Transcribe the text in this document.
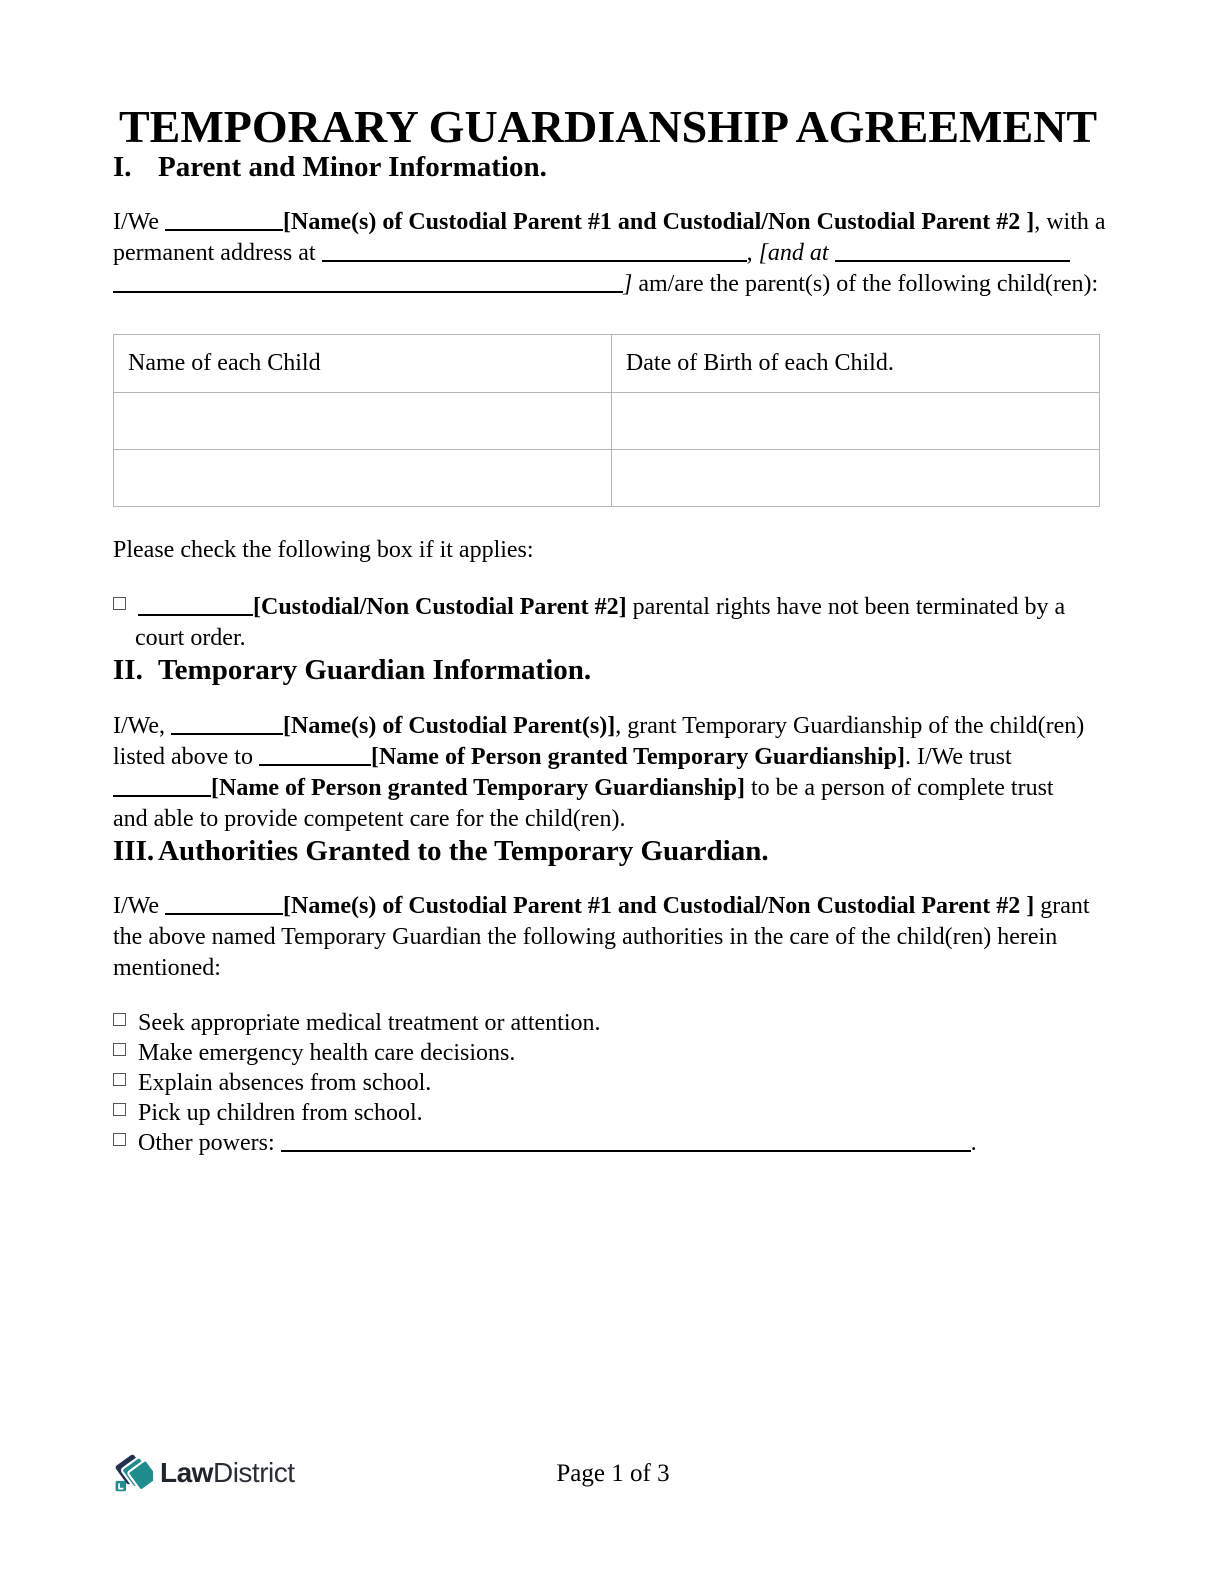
TEMPORARY GUARDIANSHIP AGREEMENT
I. Parent and Minor Information.
I/We	[Name(s) of Custodial Parent #1 and Custodial/Non Custodial Parent #2 ], with a
permanent address at	, [and at
] am/are the parent(s) of the following child(ren):
Name of each Child	Date of Birth of each Child.

Please check the following box if it applies:
[Custodial/Non Custodial Parent #2] parental rights have not been terminated by a court order.
II. Temporary Guardian Information.
I/We,	[Name(s) of Custodial Parent(s)], grant Temporary Guardianship of the child(ren)
listed above to	[Name of Person granted Temporary Guardianship]. I/We trust
[Name of Person granted Temporary Guardianship] to be a person of complete trust
and able to provide competent care for the child(ren).
III. Authorities Granted to the Temporary Guardian.
I/We	[Name(s) of Custodial Parent #1 and Custodial/Non Custodial Parent #2 ] grant
the above named Temporary Guardian the following authorities in the care of the child(ren) herein
mentioned:
Seek appropriate medical treatment or attention.
Make emergency health care decisions.
Explain absences from school.
Pick up children from school.
Other powers:	.
Law District	Page 1 of 3
